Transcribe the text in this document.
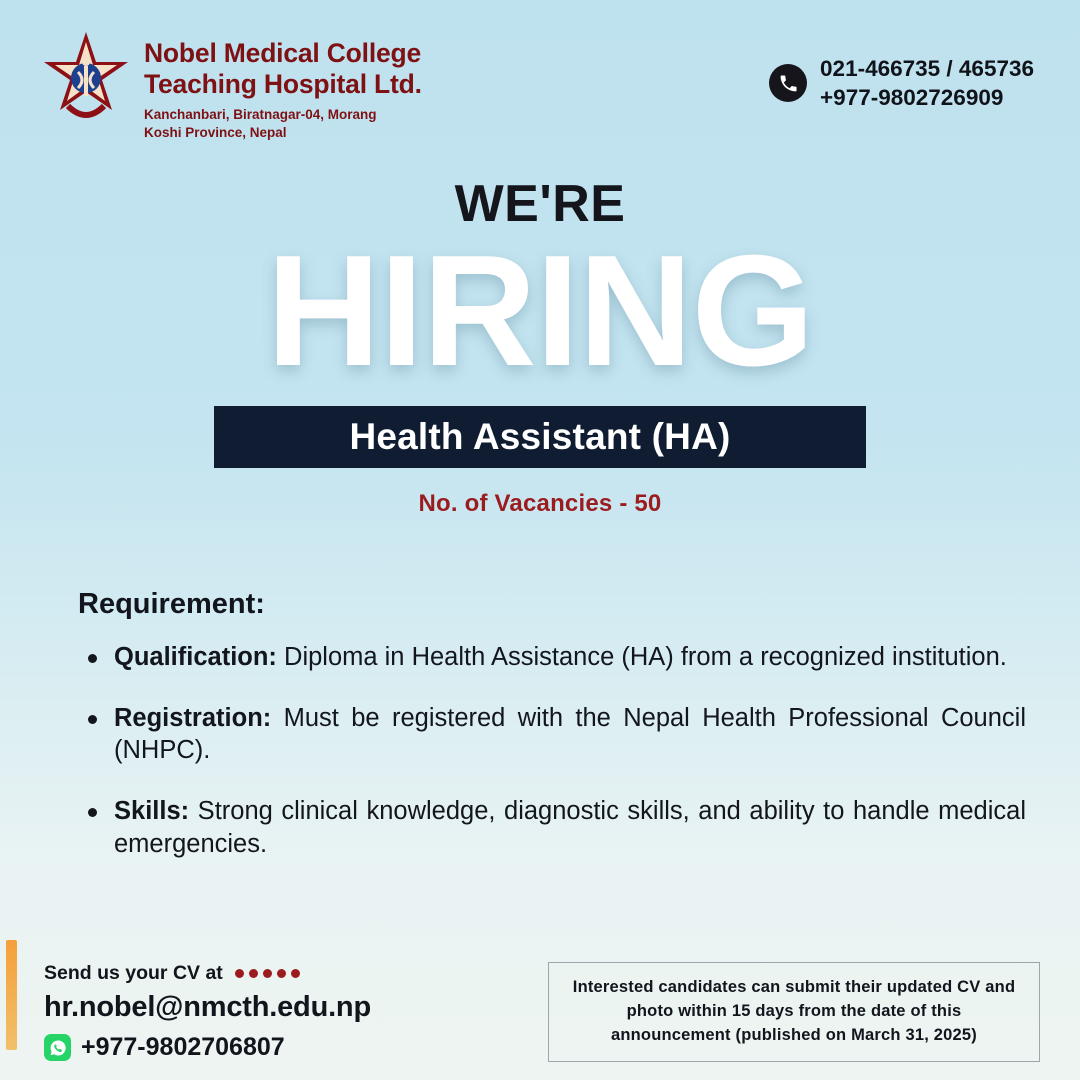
Nobel Medical College
Teaching Hospital Ltd.
Kanchanbari, Biratnagar-04, Morang
Koshi Province, Nepal
021-466735 / 465736
+977-9802726909
WE'RE
HIRING
Health Assistant (HA)
No. of Vacancies - 50
Requirement:
Qualification: Diploma in Health Assistance (HA) from a recognized institution.
Registration: Must be registered with the Nepal Health Professional Council (NHPC).
Skills: Strong clinical knowledge, diagnostic skills, and ability to handle medical emergencies.
Send us your CV at
hr.nobel@nmcth.edu.np
+977-9802706807

Interested candidates can submit their updated CV and photo within 15 days from the date of this announcement (published on March 31, 2025)
